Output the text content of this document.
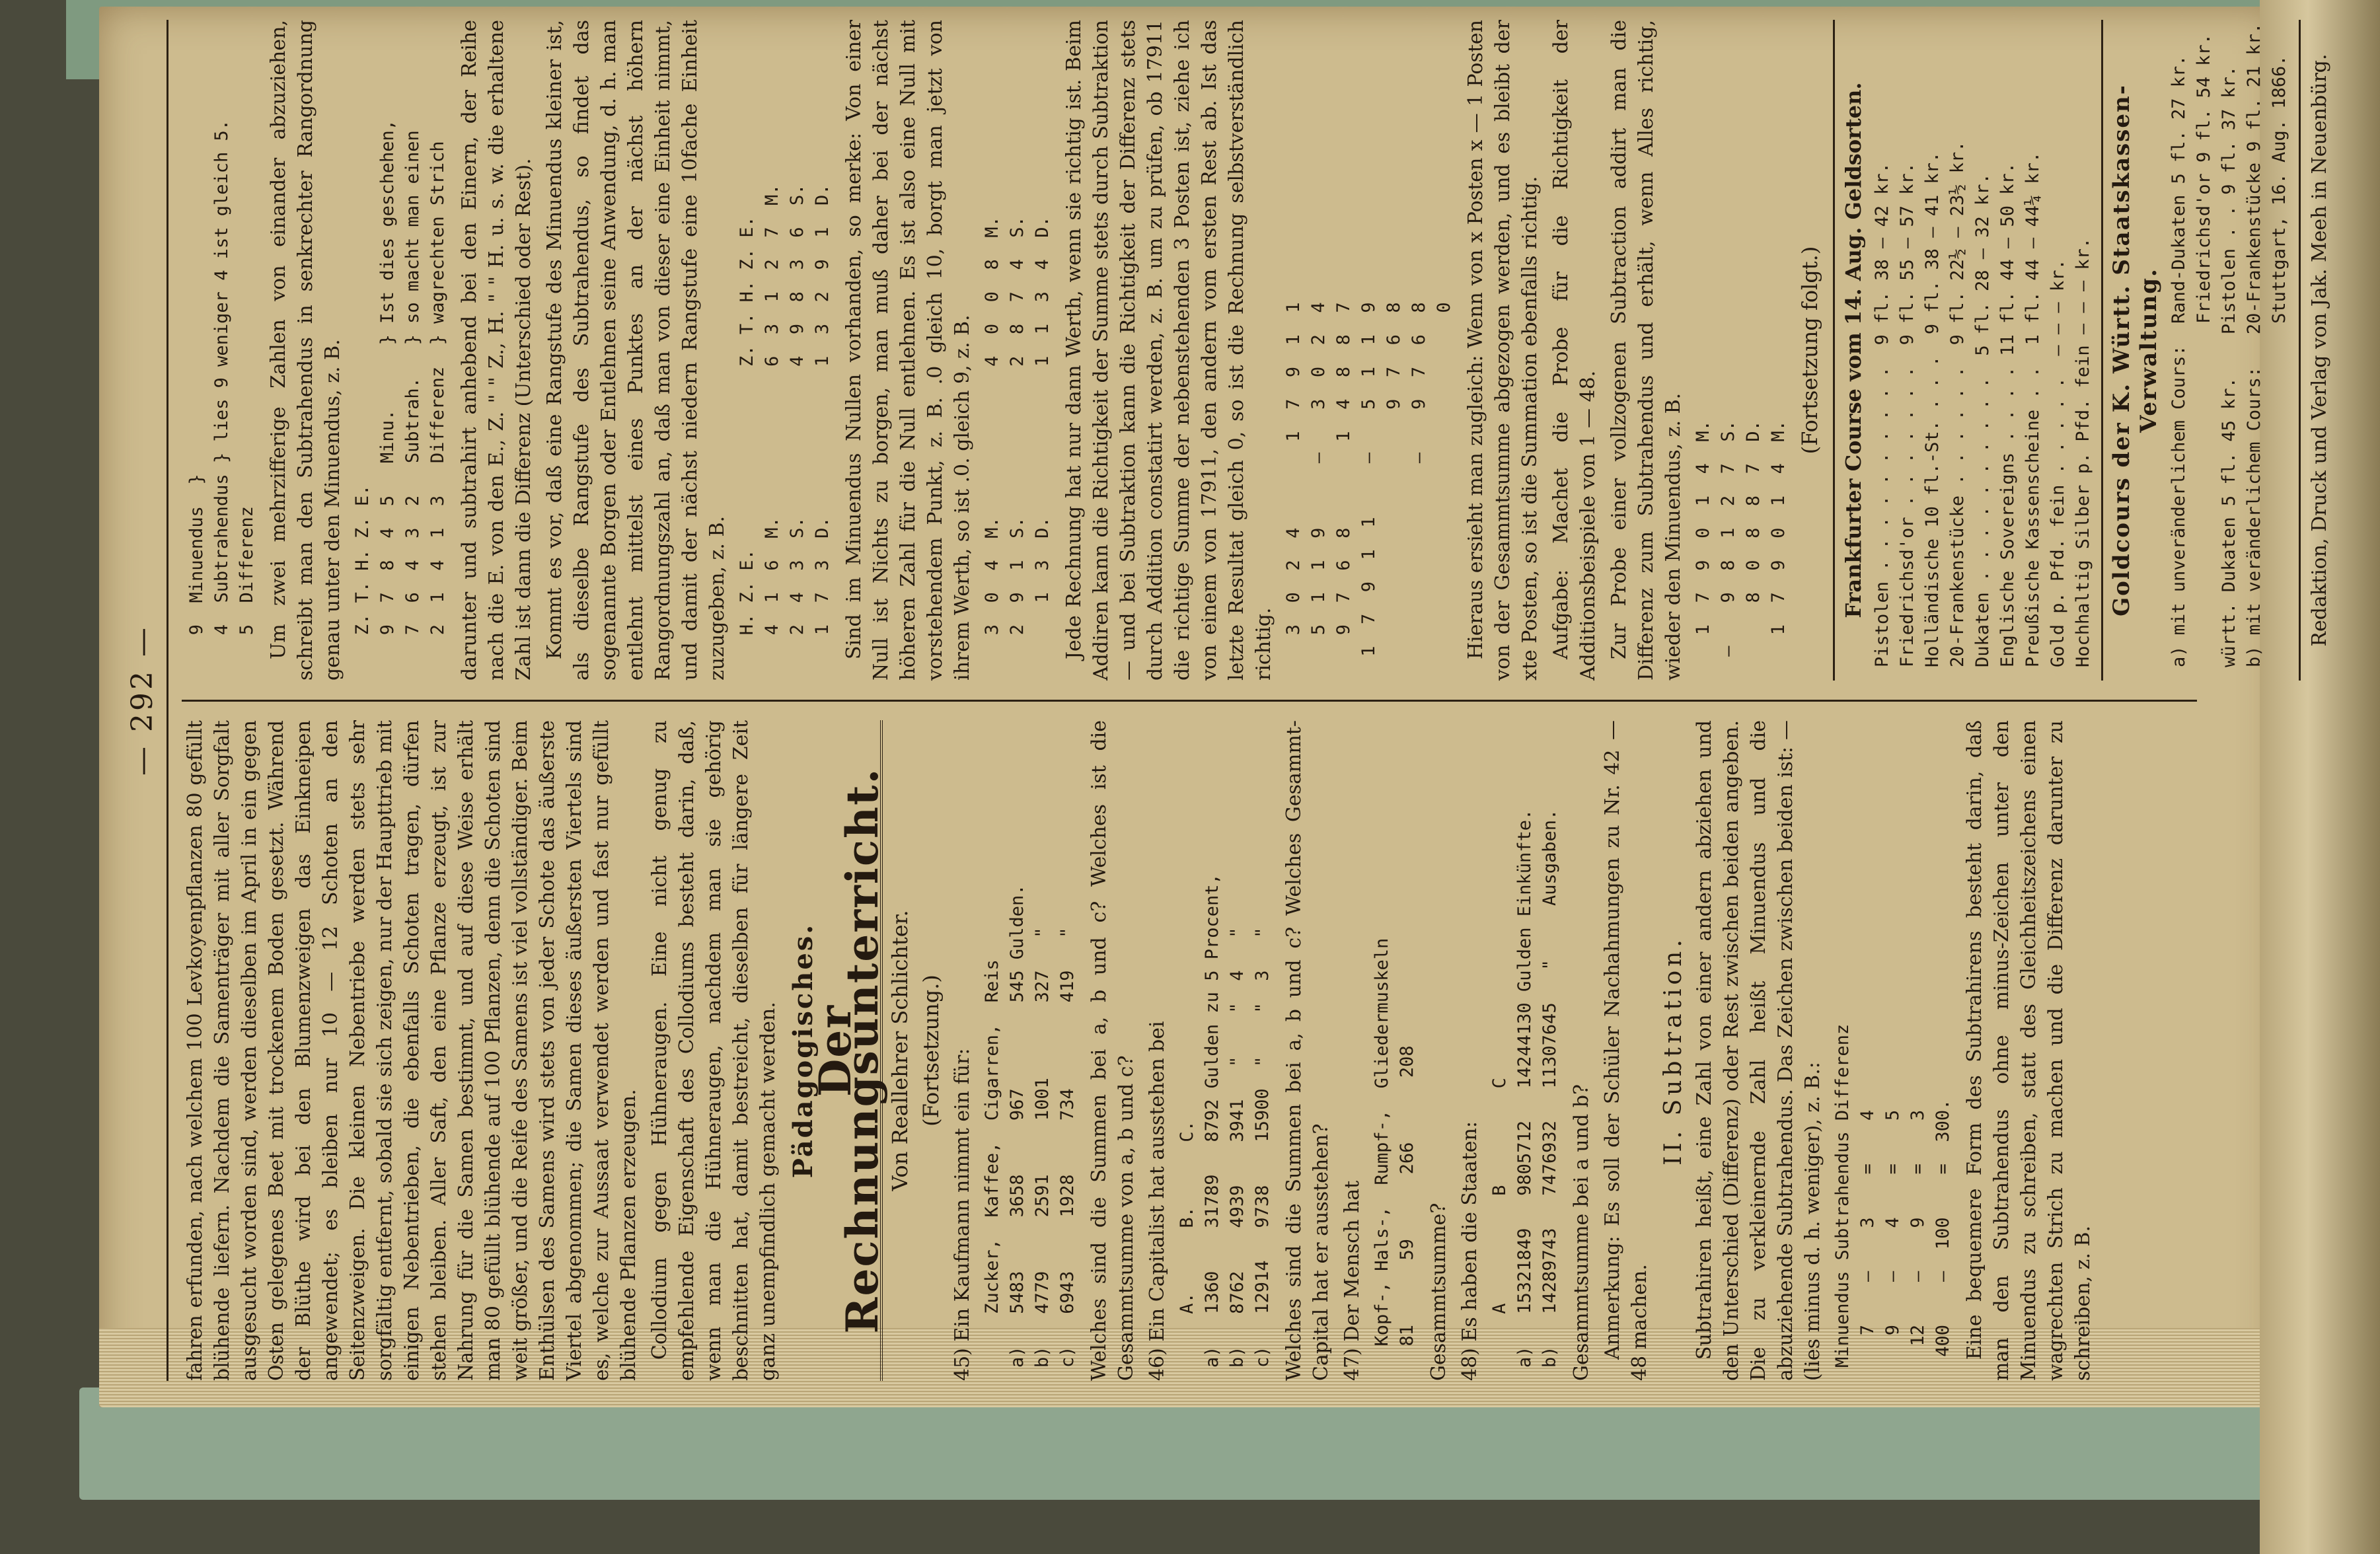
— 292 —

fahren erfunden, nach welchem 100 Levkoyenpflanzen 80 gefüllt blühende liefern. Nachdem die Samenträger mit aller Sorgfalt ausgesucht worden sind, werden dieselben im April in ein gegen Osten gelegenes Beet mit trockenem Boden gesetzt. Während der Blüthe wird bei den Blumenzweigen das Einkneipen angewendet; es bleiben nur 10 — 12 Schoten an den Seitenzweigen. Die kleinen Nebentriebe werden stets sehr sorgfältig entfernt, sobald sie sich zeigen, nur der Haupttrieb mit einigen Nebentrieben, die ebenfalls Schoten tragen, dürfen stehen bleiben. Aller Saft, den eine Pflanze erzeugt, ist zur Nahrung für die Samen bestimmt, und auf diese Weise erhält man 80 gefüllt blühende auf 100 Pflanzen, denn die Schoten sind weit größer, und die Reife des Samens ist viel vollständiger. Beim Enthülsen des Samens wird stets von jeder Schote das äußerste Viertel abgenommen; die Samen dieses äußersten Viertels sind es, welche zur Aussaat verwendet werden und fast nur gefüllt blühende Pflanzen erzeugen. Collodium gegen Hühneraugen. Eine nicht genug zu empfehlende Eigenschaft des Collodiums besteht darin, daß, wenn man die Hühneraugen, nachdem man sie gehörig beschnitten hat, damit bestreicht, dieselben für längere Zeit ganz unempfindlich gemacht werden. Pädagogisches.
Der Rechnungsunterricht. Von Reallehrer Schlichter. (Fortsetzung.) 45) Ein Kaufmann nimmt ein für: Zucker,  Kaffee,  Cigarren,  Reis
a)   5483     3658     967        545 Gulden.
b)   4779     2591     1001       327   "
c)   6943     1928     734        419   " Welches sind die Summen bei a, b und c? Welches ist die Gesammtsumme von a, b und c? 46) Ein Capitalist hat ausstehen bei A.      B.      C.
a)   1360    31789   8792 Gulden zu 5 Procent,
b)   8762    4939    3941   "    "  4   "
c)   12914   9738    15900  "    "  3   " Welches sind die Summen bei a, b und c? Welches Gesammt-Capital hat er ausstehen? 47) Der Mensch hat Kopf-, Hals-,  Rumpf-,  Gliedermuskeln
81      59      266      208

Gesammtsumme? 48) Es haben die Staaten: A          B         C
a)   15321849   9805712   14244130 Gulden Einkünfte.
b)   14289743   7476932   11307645   "     Ausgaben.

Gesammtsumme bei a und b? Anmerkung: Es soll der Schüler Nachahmungen zu Nr. 42 — 48 machen.

II. Subtration. Subtrahiren heißt, eine Zahl von einer andern abziehen und den Unterschied (Differenz) oder Rest zwischen beiden angeben. Die zu verkleinernde Zahl heißt Minuendus und die abzuziehende Subtrahendus. Das Zeichen zwischen beiden ist: — (lies minus d. h. weniger), z. B.: Minuendus Subtrahendus Differenz
7    —    3    =    4
9    —    4    =    5
12    —    9    =    3
400    —  100    =  300. Eine bequemere Form des Subtrahirens besteht darin, daß man den Subtrahendus ohne minus-Zeichen unter den Minuendus zu schreiben, statt des Gleichheitszeichens einen wagrechten Strich zu machen und die Differenz darunter zu schreiben, z. B.

9  Minuendus  }
4  Subtrahendus } lies 9 weniger 4 ist gleich 5.
5  Differenz Um zwei mehrzifferige Zahlen von einander abzuziehen, schreibt man den Subtrahendus in senkrechter Rangordnung genau unter den Minuendus, z. B. Z. T. H. Z. E.
9  7  8  4  5   Minu.      } Ist dies geschehen,
7  6  4  3  2   Subtrah.   } so macht man einen
2  1  4  1  3   Differenz  } wagrechten Strich darunter und subtrahirt anhebend bei den Einern, der Reihe nach die E. von den E., Z. " " Z., H. " " H. u. s. w. die erhaltene Zahl ist dann die Differenz (Unterschied oder Rest). Kommt es vor, daß eine Rangstufe des Minuendus kleiner ist, als dieselbe Rangstufe des Subtrahendus, so findet das sogenannte Borgen oder Entlehnen seine Anwendung, d. h. man entlehnt mittelst eines Punktes an der nächst höhern Rangordnungszahl an, daß man von dieser eine Einheit nimmt, und damit der nächst niedern Rangstufe eine 10fache Einheit zuzugeben, z. B. H. Z. E.                 Z. T. H. Z. E.
4  1  6  M.              6  3  1  2  7  M.
2  4  3  S.              4  9  8  3  6  S.
1  7  3  D.              1  3  2  9  1  D. Sind im Minuendus Nullen vorhanden, so merke: Von einer Null ist Nichts zu borgen, man muß daher bei der nächst höheren Zahl für die Null entlehnen. Es ist also eine Null mit vorstehendem Punkt, z. B. .0 gleich 10, borgt man jetzt von ihrem Werth, so ist .0. gleich 9, z. B. 3  0  4  M.              4  0  0  8  M.
2  9  1  S.              2  8  7  4  S.
1  3  D.              1  1  3  4  D. Jede Rechnung hat nur dann Werth, wenn sie richtig ist. Beim Addiren kann die Richtigkeit der Summe stets durch Subtraktion — und bei Subtraktion kann die Richtigkeit der Differenz stets durch Addition constatirt werden, z. B. um zu prüfen, ob 17911 die richtige Summe der nebenstehenden 3 Posten ist, ziehe ich von einem von 17911, den andern vom ersten Rest ab. Ist das letzte Resultat gleich 0, so ist die Rechnung selbstverständlich richtig. 3  0  2  4        1  7  9  1  1
5  1  1  9      —    3  0  2  4
9  7  6  8        1  4  8  8  7
1  7  9  1  1     —    5  1  1  9
9  7  6  8
—    9  7  6  8
0 Hieraus ersieht man zugleich: Wenn von x Posten x — 1 Posten von der Gesammtsumme abgezogen werden, und es bleibt der xte Posten, so ist die Summation ebenfalls richtig. Aufgabe: Machet die Probe für die Richtigkeit der Additionsbeispiele von 1 — 48. Zur Probe einer vollzogenen Subtraction addirt man die Differenz zum Subtrahendus und erhält, wenn Alles richtig, wieder den Minuendus, z. B. 1  7  9  0  1  4  M.
—    9  8  1  2  7  S.
8  0  8  8  7  D.
1  7  9  0  1  4  M. (Fortsetzung folgt.) Frankfurter Course vom 14. Aug. Geldsorten.
Pistolen . . . . . . . . . .  9 fl. 38 — 42 kr.
Friedrichsd'or . . . . . . .  9 fl. 55 — 57 kr.
Holländische 10 fl.-St. . . .  9 fl. 38 — 41 kr.
20-Frankenstücke . . . . . .  9 fl. 22½ — 23½ kr.
Dukaten . . . . . . . . . .  5 fl. 28 — 32 kr.
Englische Sovereigns . . . . 11 fl. 44 — 50 kr.
Preußische Kassenscheine . .  1 fl. 44 — 44¼ kr.
Gold p. Pfd. fein . . . . .  — — — kr.
Hochhaltig Silber p. Pfd. fein — — — kr. Goldcours der K. Württ. Staatskassen-Verwaltung.
a) mit unveränderlichem Cours:  Rand-Dukaten 5 fl. 27 kr.
Friedrichsd'or 9 fl. 54 kr.
württ. Dukaten 5 fl. 45 kr.    Pistolen . . 9 fl. 37 kr.
b) mit veränderlichem Cours:   20-Frankenstücke 9 fl. 21 kr.
Stuttgart, 16. Aug. 1866. Redaktion, Druck und Verlag von Jak. Meeh in Neuenbürg.
